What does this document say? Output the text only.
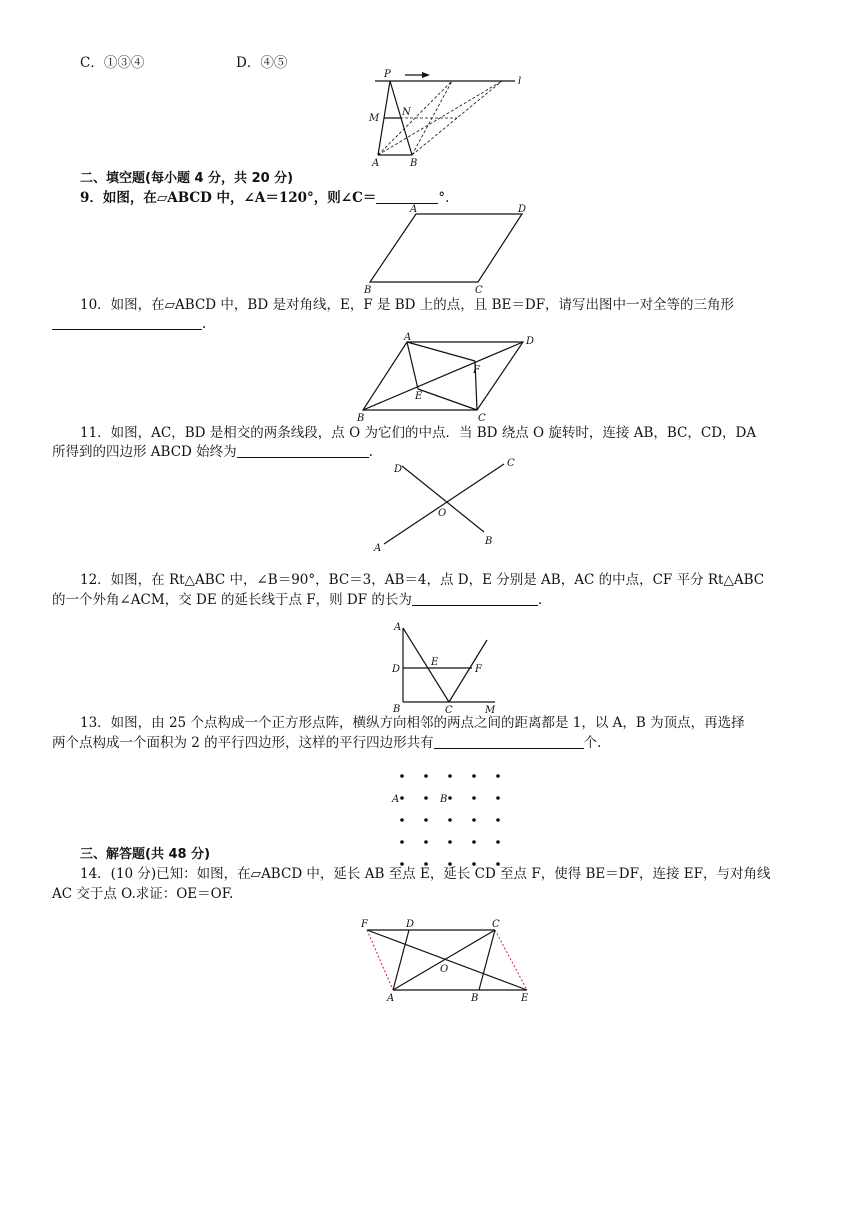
C．①③④	D．④⑤
P
l
M
N
A	B
二、填空题(每小题 4 分，共 20 分)
9．如图，在▱ABCD 中，∠A＝120°，则∠C＝	°.
A	D
B	C
10．如图，在▱ABCD 中，BD 是对角线，E，F 是 BD 上的点，且 BE＝DF，请写出图中一对全等的三角形
.
A	D
F
E
B	C
11．如图，AC，BD 是相交的两条线段，点 O 为它们的中点．当 BD 绕点 O 旋转时，连接 AB，BC，CD，DA
所得到的四边形 ABCD 始终为	.
D
C
O
B
A
12．如图，在 Rt△ABC 中，∠B＝90°，BC＝3，AB＝4，点 D，E 分别是 AB，AC 的中点，CF 平分 Rt△ABC
的一个外角∠ACM，交 DE 的延长线于点 F，则 DF 的长为	.
A
D
E
F
B	C	M
13．如图，由 25 个点构成一个正方形点阵，横纵方向相邻的两点之间的距离都是 1，以 A，B 为顶点，再选择
两个点构成一个面积为 2 的平行四边形，这样的平行四边形共有	个.
A	B
三、解答题(共 48 分)
14．(10 分)已知：如图，在▱ABCD 中，延长 AB 至点 E，延长 CD 至点 F，使得 BE＝DF，连接 EF，与对角线
AC 交于点 O.求证：OE＝OF.
F	D	C
O
A	B	E
